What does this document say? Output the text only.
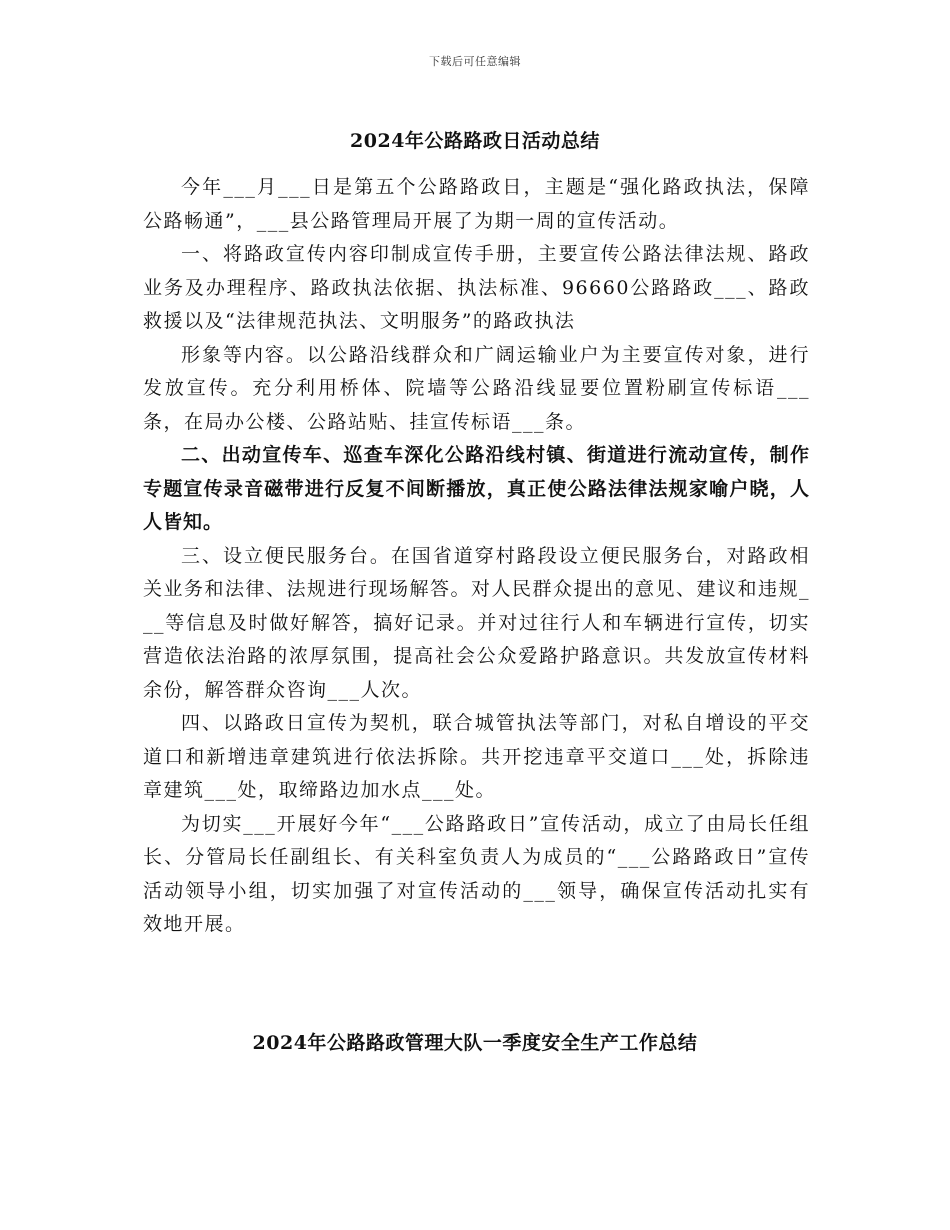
下载后可任意编辑
2024年公路路政日活动总结

今年___月___日是第五个公路路政日，主题是“强化路政执法，保障公路畅通”，___县公路管理局开展了为期一周的宣传活动。

一、将路政宣传内容印制成宣传手册，主要宣传公路法律法规、路政业务及办理程序、路政执法依据、执法标准、96660公路路政___、路政救援以及“法律规范执法、文明服务”的路政执法

形象等内容。以公路沿线群众和广阔运输业户为主要宣传对象，进行发放宣传。充分利用桥体、院墙等公路沿线显要位置粉刷宣传标语___条，在局办公楼、公路站贴、挂宣传标语___条。

二、出动宣传车、巡查车深化公路沿线村镇、街道进行流动宣传，制作专题宣传录音磁带进行反复不间断播放，真正使公路法律法规家喻户晓，人人皆知。

三、设立便民服务台。在国省道穿村路段设立便民服务台，对路政相关业务和法律、法规进行现场解答。对人民群众提出的意见、建议和违规___等信息及时做好解答，搞好记录。并对过往行人和车辆进行宣传，切实营造依法治路的浓厚氛围，提高社会公众爱路护路意识。共发放宣传材料余份，解答群众咨询___人次。

四、以路政日宣传为契机，联合城管执法等部门，对私自增设的平交道口和新增违章建筑进行依法拆除。共开挖违章平交道口___处，拆除违章建筑___处，取缔路边加水点___处。

为切实___开展好今年“___公路路政日”宣传活动，成立了由局长任组长、分管局长任副组长、有关科室负责人为成员的“___公路路政日”宣传活动领导小组，切实加强了对宣传活动的___领导，确保宣传活动扎实有效地开展。

2024年公路路政管理大队一季度安全生产工作总结
